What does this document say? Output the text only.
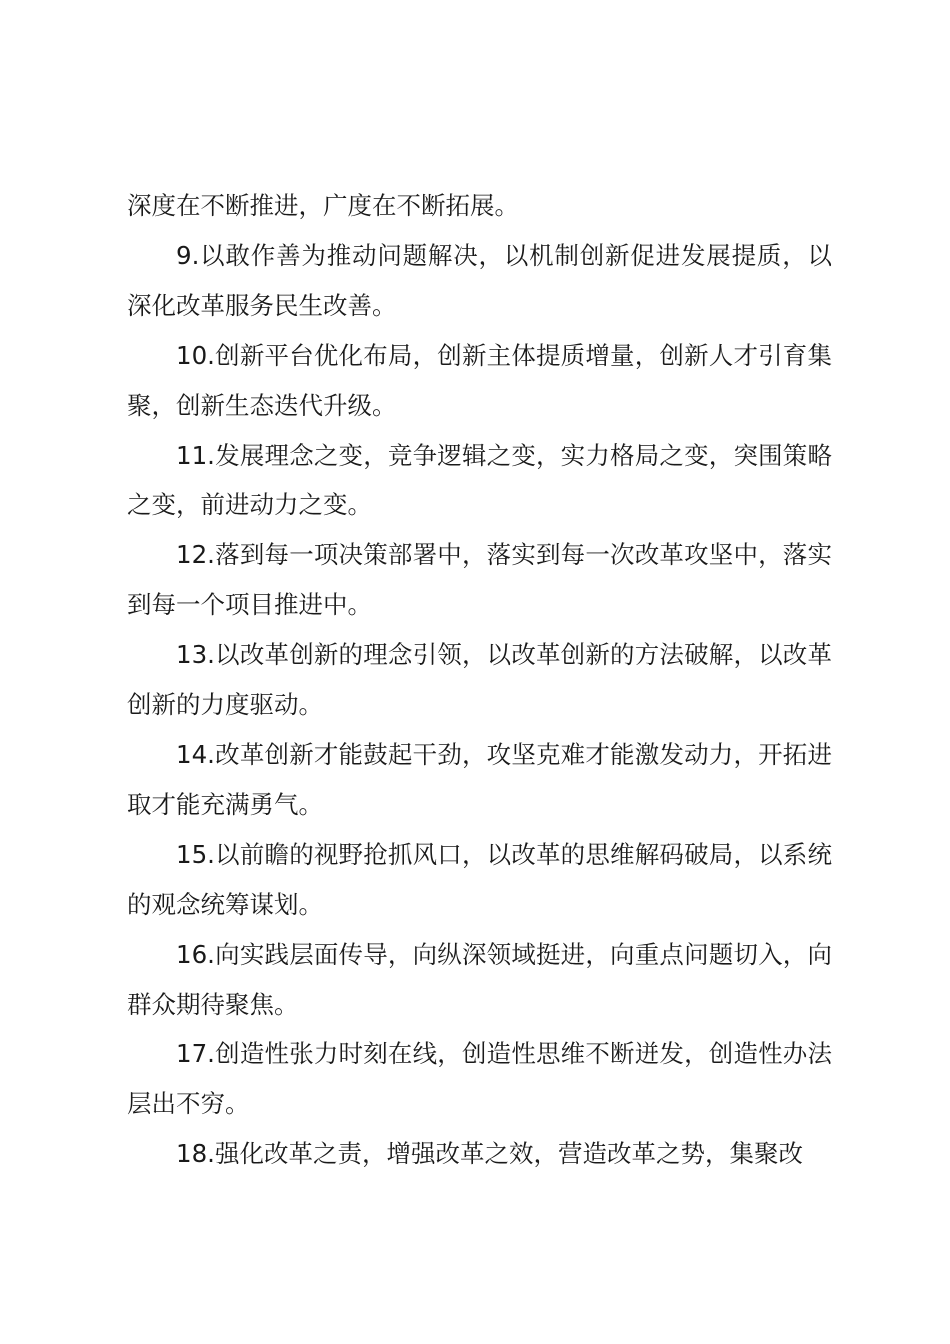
深度在不断推进，广度在不断拓展。

9.以敢作善为推动问题解决，以机制创新促进发展提质，以深化改革服务民生改善。

10.创新平台优化布局，创新主体提质增量，创新人才引育集聚，创新生态迭代升级。

11.发展理念之变，竞争逻辑之变，实力格局之变，突围策略之变，前进动力之变。

12.落到每一项决策部署中，落实到每一次改革攻坚中，落实到每一个项目推进中。

13.以改革创新的理念引领，以改革创新的方法破解，以改革创新的力度驱动。

14.改革创新才能鼓起干劲，攻坚克难才能激发动力，开拓进取才能充满勇气。

15.以前瞻的视野抢抓风口，以改革的思维解码破局，以系统的观念统筹谋划。

16.向实践层面传导，向纵深领域挺进，向重点问题切入，向群众期待聚焦。

17.创造性张力时刻在线，创造性思维不断迸发，创造性办法层出不穷。

18.强化改革之责，增强改革之效，营造改革之势，集聚改
